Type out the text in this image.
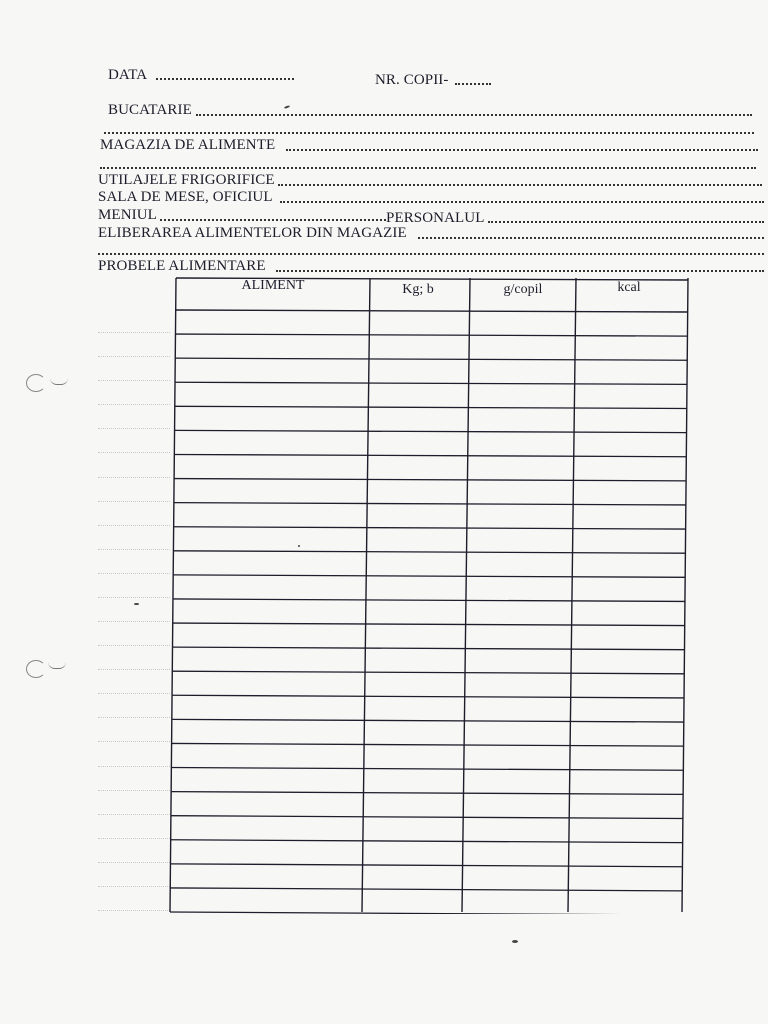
DATA	NR. COPII-
BUCATARIE
MAGAZIA DE ALIMENTE
UTILAJELE FRIGORIFICE
SALA DE MESE, OFICIUL
MENIUL	PERSONALUL
ELIBERAREA ALIMENTELOR DIN MAGAZIE
PROBELE ALIMENTARE
ALIMENT	Kg; b	g/copil	kcal
